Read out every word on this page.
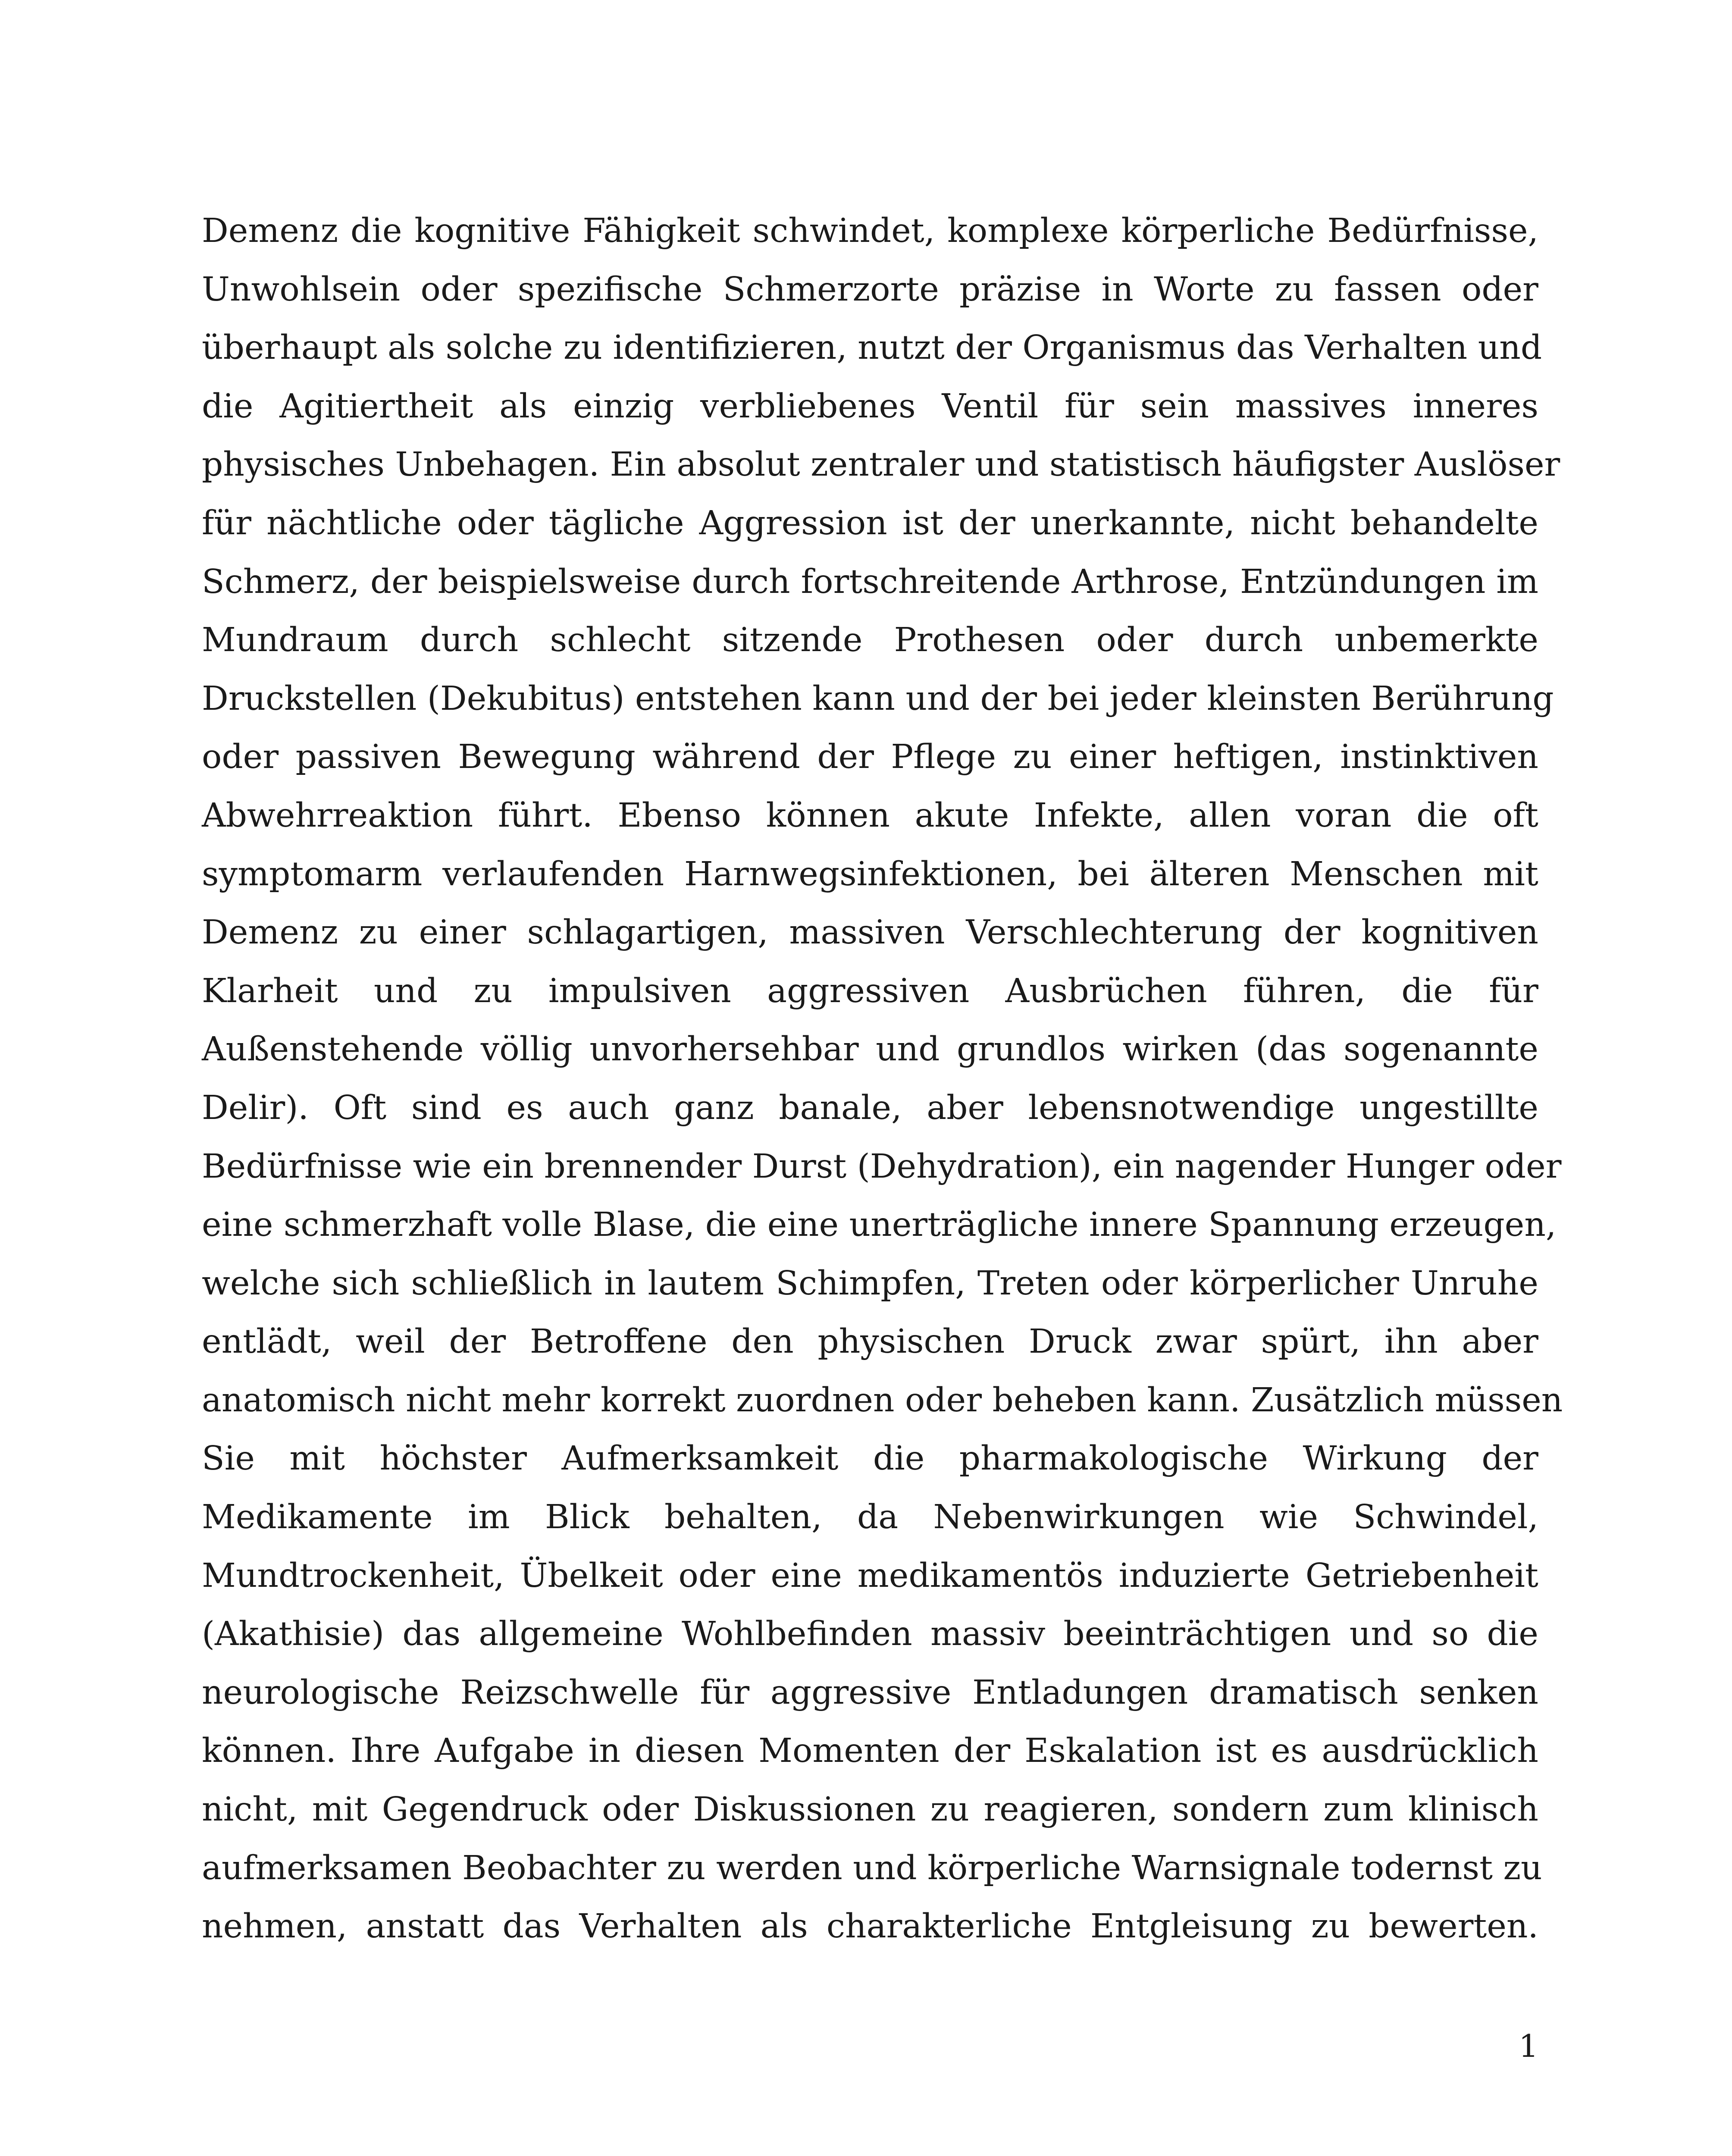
Demenz die kognitive Fähigkeit schwindet, komplexe körperliche Bedürfnisse,
Unwohlsein oder spezifische Schmerzorte präzise in Worte zu fassen oder
überhaupt als solche zu identifizieren, nutzt der Organismus das Verhalten und
die Agitiertheit als einzig verbliebenes Ventil für sein massives inneres
physisches Unbehagen. Ein absolut zentraler und statistisch häufigster Auslöser
für nächtliche oder tägliche Aggression ist der unerkannte, nicht behandelte
Schmerz, der beispielsweise durch fortschreitende Arthrose, Entzündungen im
Mundraum durch schlecht sitzende Prothesen oder durch unbemerkte
Druckstellen (Dekubitus) entstehen kann und der bei jeder kleinsten Berührung
oder passiven Bewegung während der Pflege zu einer heftigen, instinktiven
Abwehrreaktion führt. Ebenso können akute Infekte, allen voran die oft
symptomarm verlaufenden Harnwegsinfektionen, bei älteren Menschen mit
Demenz zu einer schlagartigen, massiven Verschlechterung der kognitiven
Klarheit und zu impulsiven aggressiven Ausbrüchen führen, die für
Außenstehende völlig unvorhersehbar und grundlos wirken (das sogenannte
Delir). Oft sind es auch ganz banale, aber lebensnotwendige ungestillte
Bedürfnisse wie ein brennender Durst (Dehydration), ein nagender Hunger oder
eine schmerzhaft volle Blase, die eine unerträgliche innere Spannung erzeugen,
welche sich schließlich in lautem Schimpfen, Treten oder körperlicher Unruhe
entlädt, weil der Betroffene den physischen Druck zwar spürt, ihn aber
anatomisch nicht mehr korrekt zuordnen oder beheben kann. Zusätzlich müssen
Sie mit höchster Aufmerksamkeit die pharmakologische Wirkung der
Medikamente im Blick behalten, da Nebenwirkungen wie Schwindel,
Mundtrockenheit, Übelkeit oder eine medikamentös induzierte Getriebenheit
(Akathisie) das allgemeine Wohlbefinden massiv beeinträchtigen und so die
neurologische Reizschwelle für aggressive Entladungen dramatisch senken
können. Ihre Aufgabe in diesen Momenten der Eskalation ist es ausdrücklich
nicht, mit Gegendruck oder Diskussionen zu reagieren, sondern zum klinisch
aufmerksamen Beobachter zu werden und körperliche Warnsignale todernst zu
nehmen, anstatt das Verhalten als charakterliche Entgleisung zu bewerten.
1
